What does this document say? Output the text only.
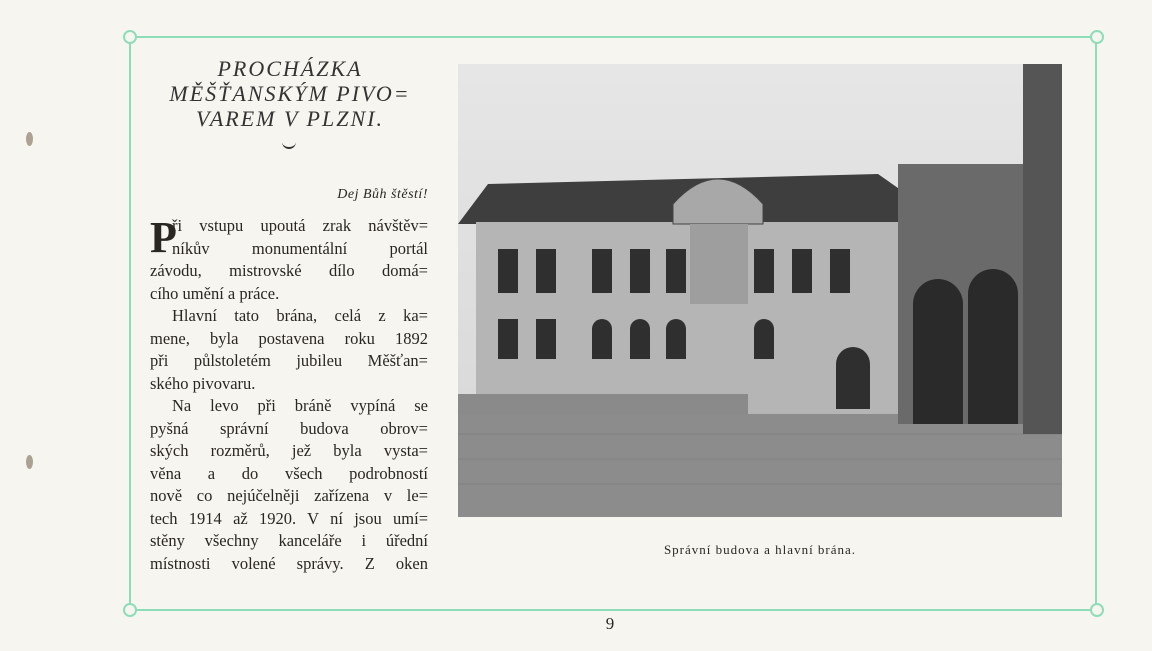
PROCHÁZKA
MĚŠŤANSKÝM PIVO=
VAREM V PLZNI.
Dej Bůh štěstí!
P
ři vstupu upoutá zrak návštěv=
níkův monumentální portál
závodu, mistrovské dílo domá=
cího umění a práce.
Hlavní tato brána, celá z ka=
mene, byla postavena roku 1892
při půlstoletém jubileu Měšťan=
ského pivovaru.
Na levo při bráně vypíná se
pyšná správní budova obrov=
ských rozměrů, jež byla vysta=
věna a do všech podrobností
nově co nejúčelněji zařízena v le=
tech 1914 až 1920. V ní jsou umí=
stěny všechny kanceláře i úřední
místnosti volené správy. Z oken
Správní budova a hlavní brána.
9
